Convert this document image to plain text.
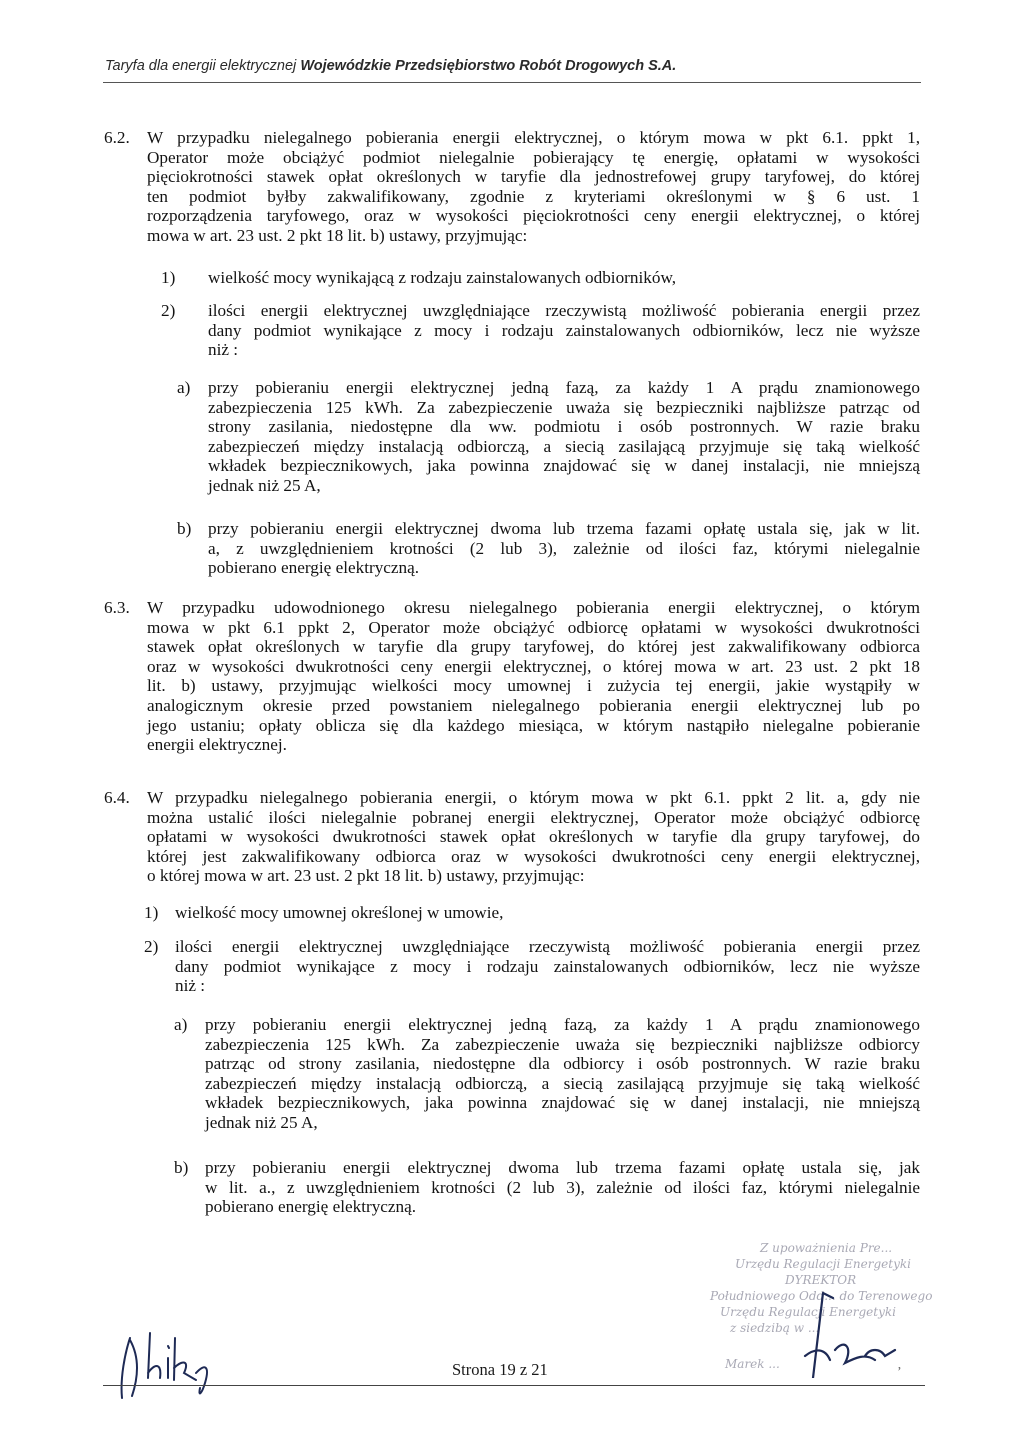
Taryfa dla energii elektrycznej Wojewódzkie Przedsiębiorstwo Robót Drogowych S.A.
6.2. W przypadku nielegalnego pobierania energii elektrycznej, o którym mowa w pkt 6.1. ppkt 1,
Operator może obciążyć podmiot nielegalnie pobierający tę energię, opłatami w wysokości
pięciokrotności stawek opłat określonych w taryfie dla jednostrefowej grupy taryfowej, do której
ten podmiot byłby zakwalifikowany, zgodnie z kryteriami określonymi w § 6 ust. 1
rozporządzenia taryfowego, oraz w wysokości pięciokrotności ceny energii elektrycznej, o której
mowa w art. 23 ust. 2 pkt 18 lit. b) ustawy, przyjmując:
1) wielkość mocy wynikającą z rodzaju zainstalowanych odbiorników,
2) ilości energii elektrycznej uwzględniające rzeczywistą możliwość pobierania energii przez
dany podmiot wynikające z mocy i rodzaju zainstalowanych odbiorników, lecz nie wyższe
niż :
a) przy pobieraniu energii elektrycznej jedną fazą, za każdy 1 A prądu znamionowego
zabezpieczenia 125 kWh. Za zabezpieczenie uważa się bezpieczniki najbliższe patrząc od
strony zasilania, niedostępne dla ww. podmiotu i osób postronnych. W razie braku
zabezpieczeń między instalacją odbiorczą, a siecią zasilającą przyjmuje się taką wielkość
wkładek bezpiecznikowych, jaka powinna znajdować się w danej instalacji, nie mniejszą
jednak niż 25 A,
b) przy pobieraniu energii elektrycznej dwoma lub trzema fazami opłatę ustala się, jak w lit.
a, z uwzględnieniem krotności (2 lub 3), zależnie od ilości faz, którymi nielegalnie
pobierano energię elektryczną.
6.3. W przypadku udowodnionego okresu nielegalnego pobierania energii elektrycznej, o którym
mowa w pkt 6.1 ppkt 2, Operator może obciążyć odbiorcę opłatami w wysokości dwukrotności
stawek opłat określonych w taryfie dla grupy taryfowej, do której jest zakwalifikowany odbiorca
oraz w wysokości dwukrotności ceny energii elektrycznej, o której mowa w art. 23 ust. 2 pkt 18
lit. b) ustawy, przyjmując wielkości mocy umownej i zużycia tej energii, jakie wystąpiły w
analogicznym okresie przed powstaniem nielegalnego pobierania energii elektrycznej lub po
jego ustaniu; opłaty oblicza się dla każdego miesiąca, w którym nastąpiło nielegalne pobieranie
energii elektrycznej.
6.4. W przypadku nielegalnego pobierania energii, o którym mowa w pkt 6.1. ppkt 2 lit. a, gdy nie
można ustalić ilości nielegalnie pobranej energii elektrycznej, Operator może obciążyć odbiorcę
opłatami w wysokości dwukrotności stawek opłat określonych w taryfie dla grupy taryfowej, do
której jest zakwalifikowany odbiorca oraz w wysokości dwukrotności ceny energii elektrycznej,
o której mowa w art. 23 ust. 2 pkt 18 lit. b) ustawy, przyjmując:
1) wielkość mocy umownej określonej w umowie,
2) ilości energii elektrycznej uwzględniające rzeczywistą możliwość pobierania energii przez
dany podmiot wynikające z mocy i rodzaju zainstalowanych odbiorników, lecz nie wyższe
niż :
a) przy pobieraniu energii elektrycznej jedną fazą, za każdy 1 A prądu znamionowego
zabezpieczenia 125 kWh. Za zabezpieczenie uważa się bezpieczniki najbliższe odbiorcy
patrząc od strony zasilania, niedostępne dla odbiorcy i osób postronnych. W razie braku
zabezpieczeń między instalacją odbiorczą, a siecią zasilającą przyjmuje się taką wielkość
wkładek bezpiecznikowych, jaka powinna znajdować się w danej instalacji, nie mniejszą
jednak niż 25 A,
b) przy pobieraniu energii elektrycznej dwoma lub trzema fazami opłatę ustala się, jak
w lit. a., z uwzględnieniem krotności (2 lub 3), zależnie od ilości faz, którymi nielegalnie
pobierano energię elektryczną.
Z upoważnienia Pre...
Urzędu Regulacji Energetyki
DYREKTOR
Południowego Odd... do Terenowego
Urzędu Regulacji Energetyki
z siedzibą w ...
Marek ...
Strona 19 z 21	’
